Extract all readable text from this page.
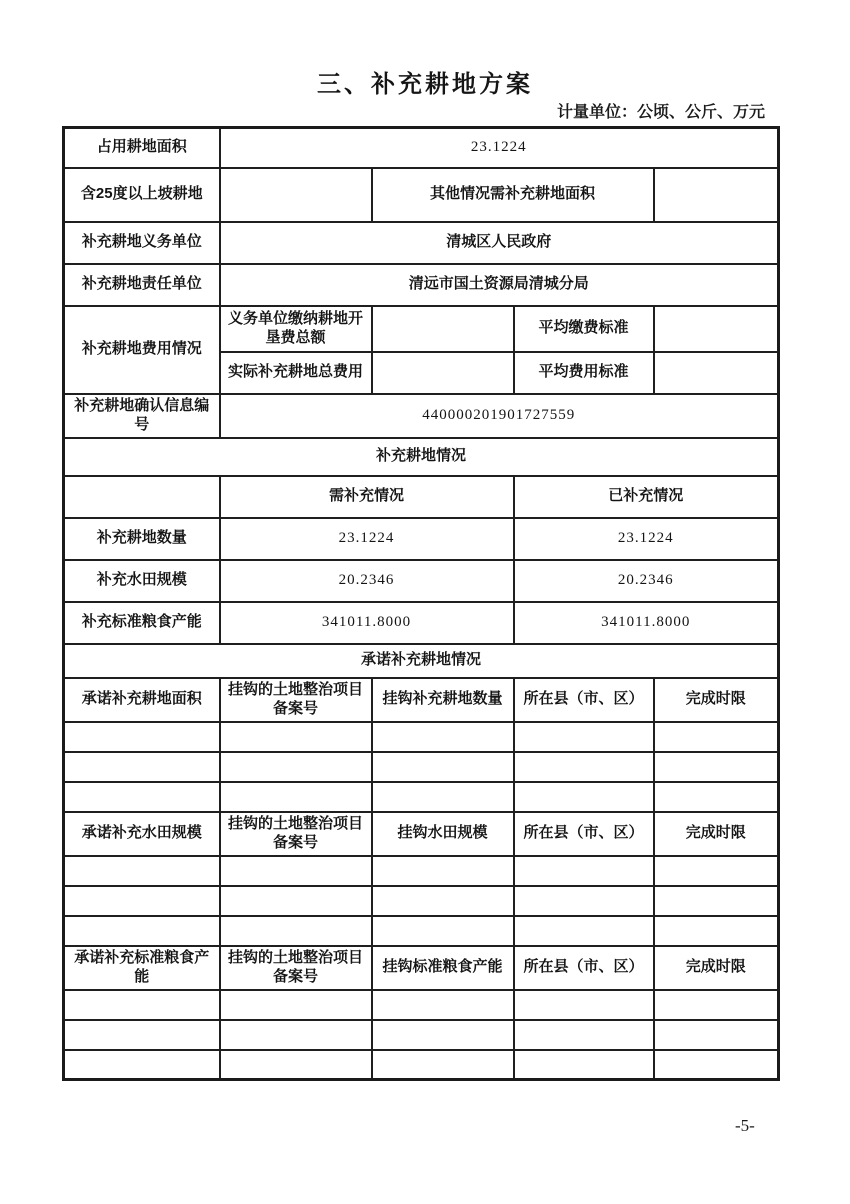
三、补充耕地方案
计量单位：公顷、公斤、万元
占用耕地面积	23.1224			
含25度以上坡耕地		其他情况需补充耕地面积		
补充耕地义务单位	清城区人民政府			
补充耕地责任单位	清远市国土资源局清城分局			
补充耕地费用情况	义务单位缴纳耕地开垦费总额		平均缴费标准	
	实际补充耕地总费用		平均费用标准	
补充耕地确认信息编号	440000201901727559			
补充耕地情况				
	需补充情况		已补充情况	
补充耕地数量	23.1224		23.1224	
补充水田规模	20.2346		20.2346	
补充标准粮食产能	341011.8000		341011.8000	
承诺补充耕地情况				
承诺补充耕地面积	挂钩的土地整治项目备案号	挂钩补充耕地数量	所在县（市、区）	完成时限

承诺补充水田规模	挂钩的土地整治项目备案号	挂钩水田规模	所在县（市、区）	完成时限

承诺补充标准粮食产能	挂钩的土地整治项目备案号	挂钩标准粮食产能	所在县（市、区）	完成时限

-5-
